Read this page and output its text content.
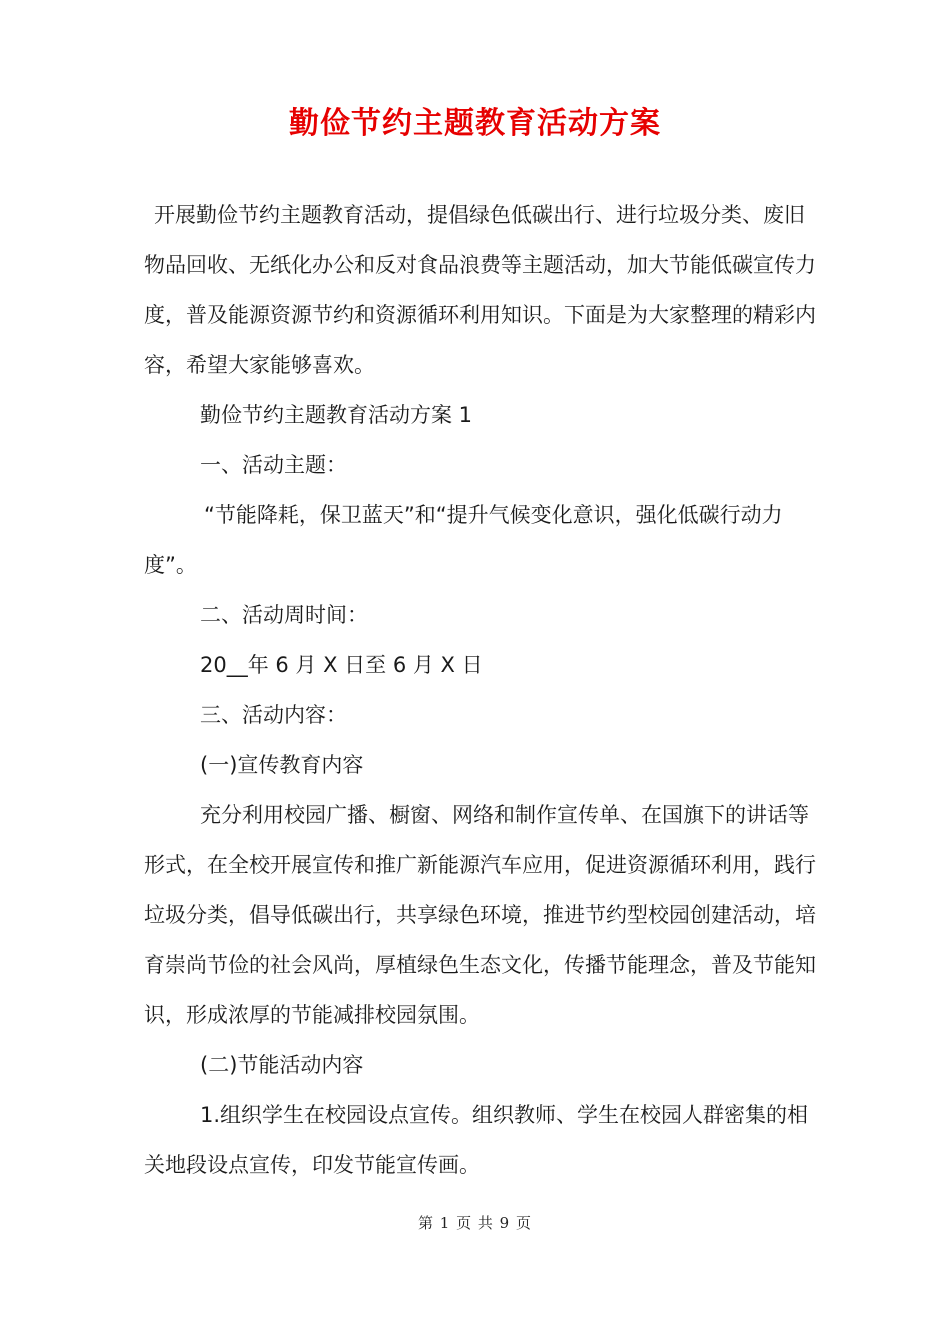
勤俭节约主题教育活动方案

开展勤俭节约主题教育活动，提倡绿色低碳出行、进行垃圾分类、废旧物品回收、无纸化办公和反对食品浪费等主题活动，加大节能低碳宣传力度，普及能源资源节约和资源循环利用知识。下面是为大家整理的精彩内容，希望大家能够喜欢。

勤俭节约主题教育活动方案 1

一、活动主题：

“节能降耗，保卫蓝天”和“提升气候变化意识，强化低碳行动力度”。

二、活动周时间：

20__年 6 月 X 日至 6 月 X 日

三、活动内容：

(一)宣传教育内容

充分利用校园广播、橱窗、网络和制作宣传单、在国旗下的讲话等形式，在全校开展宣传和推广新能源汽车应用，促进资源循环利用，践行垃圾分类，倡导低碳出行，共享绿色环境，推进节约型校园创建活动，培育崇尚节俭的社会风尚，厚植绿色生态文化，传播节能理念，普及节能知识，形成浓厚的节能减排校园氛围。

(二)节能活动内容

1.组织学生在校园设点宣传。组织教师、学生在校园人群密集的相关地段设点宣传，印发节能宣传画。

第 1 页 共 9 页
